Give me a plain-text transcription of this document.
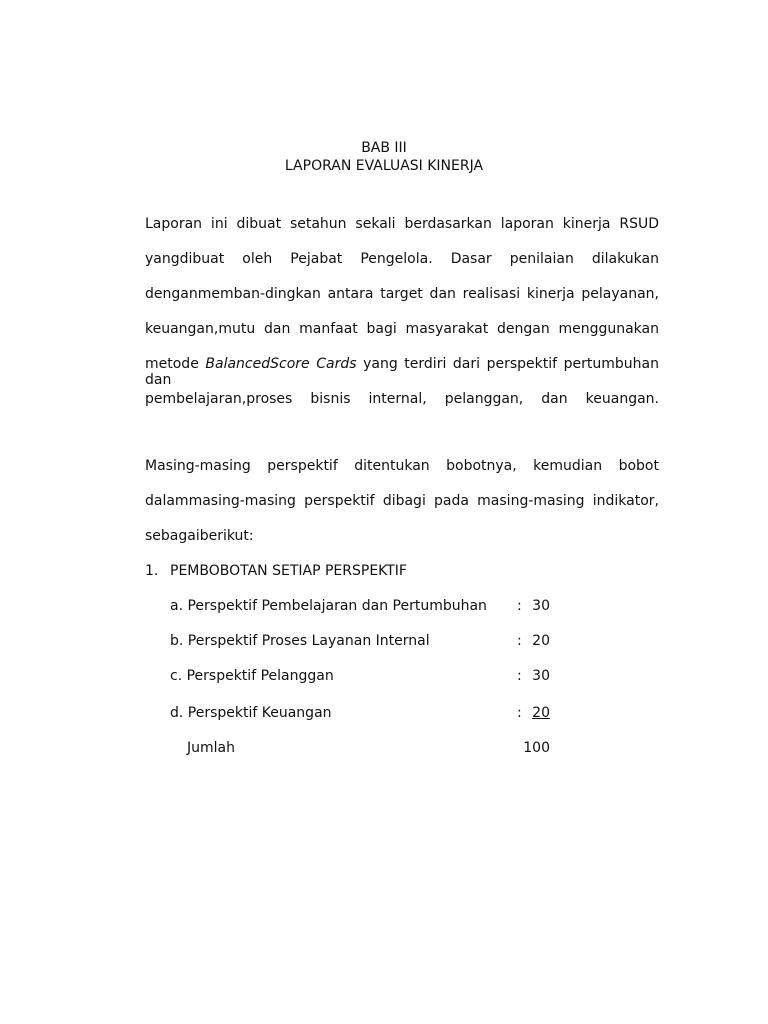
BAB III
LAPORAN EVALUASI KINERJA
Laporan ini dibuat setahun sekali berdasarkan laporan kinerja RSUD
yangdibuat oleh Pejabat Pengelola. Dasar penilaian dilakukan
denganmemban-dingkan antara target dan realisasi kinerja pelayanan,
keuangan,mutu dan manfaat bagi masyarakat dengan menggunakan
metode BalancedScore Cards yang terdiri dari perspektif pertumbuhan dan
pembelajaran,proses bisnis internal, pelanggan, dan keuangan.
Masing-masing perspektif ditentukan bobotnya, kemudian bobot
dalammasing-masing perspektif dibagi pada masing-masing indikator,
sebagaiberikut:
1. PEMBOBOTAN SETIAP PERSPEKTIF
a. Perspektif Pembelajaran dan Pertumbuhan : 30
b. Perspektif Proses Layanan Internal	: 20
c. Perspektif Pelanggan	: 30
d. Perspektif Keuangan	: 20
Jumlah	100
